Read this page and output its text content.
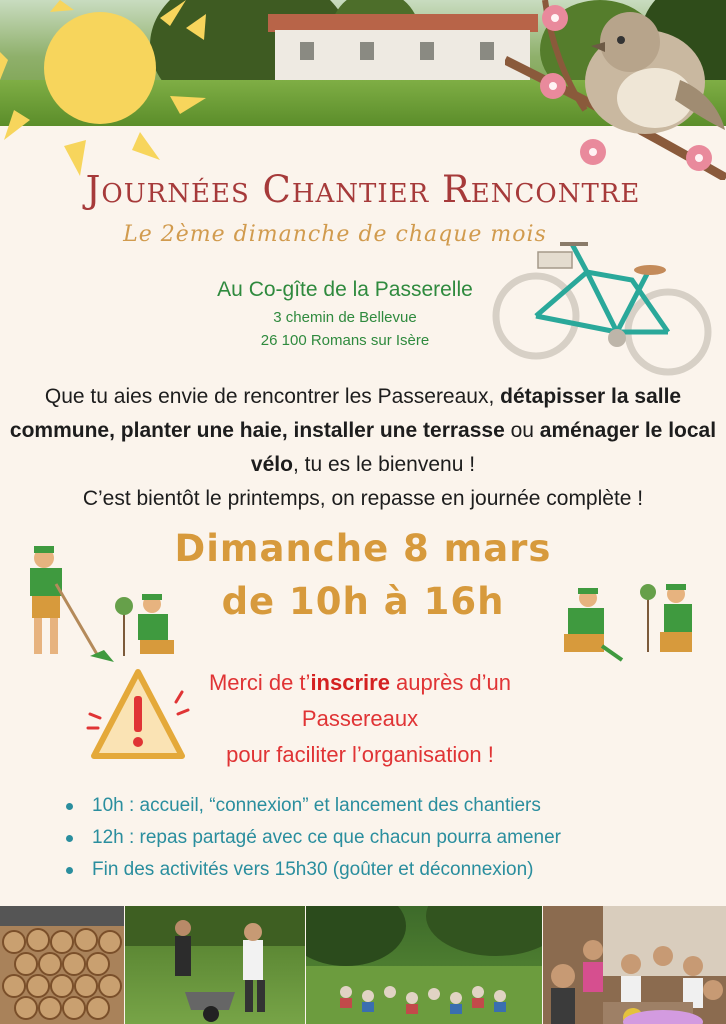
Journées Chantier Rencontre
Le 2ème dimanche de chaque mois
Au Co-gîte de la Passerelle
3 chemin de Bellevue
26 100 Romans sur Isère
Que tu aies envie de rencontrer les Passereaux, détapisser la salle commune, planter une haie, installer une terrasse ou aménager le local vélo, tu es le bienvenu !
C’est bientôt le printemps, on repasse en journée complète !
Dimanche 8 mars
de 10h à 16h
Merci de t’inscrire auprès d’un
Passereaux
pour faciliter l’organisation !
10h : accueil, “connexion” et lancement des chantiers
12h : repas partagé avec ce que chacun pourra amener
Fin des activités vers 15h30 (goûter et déconnexion)
